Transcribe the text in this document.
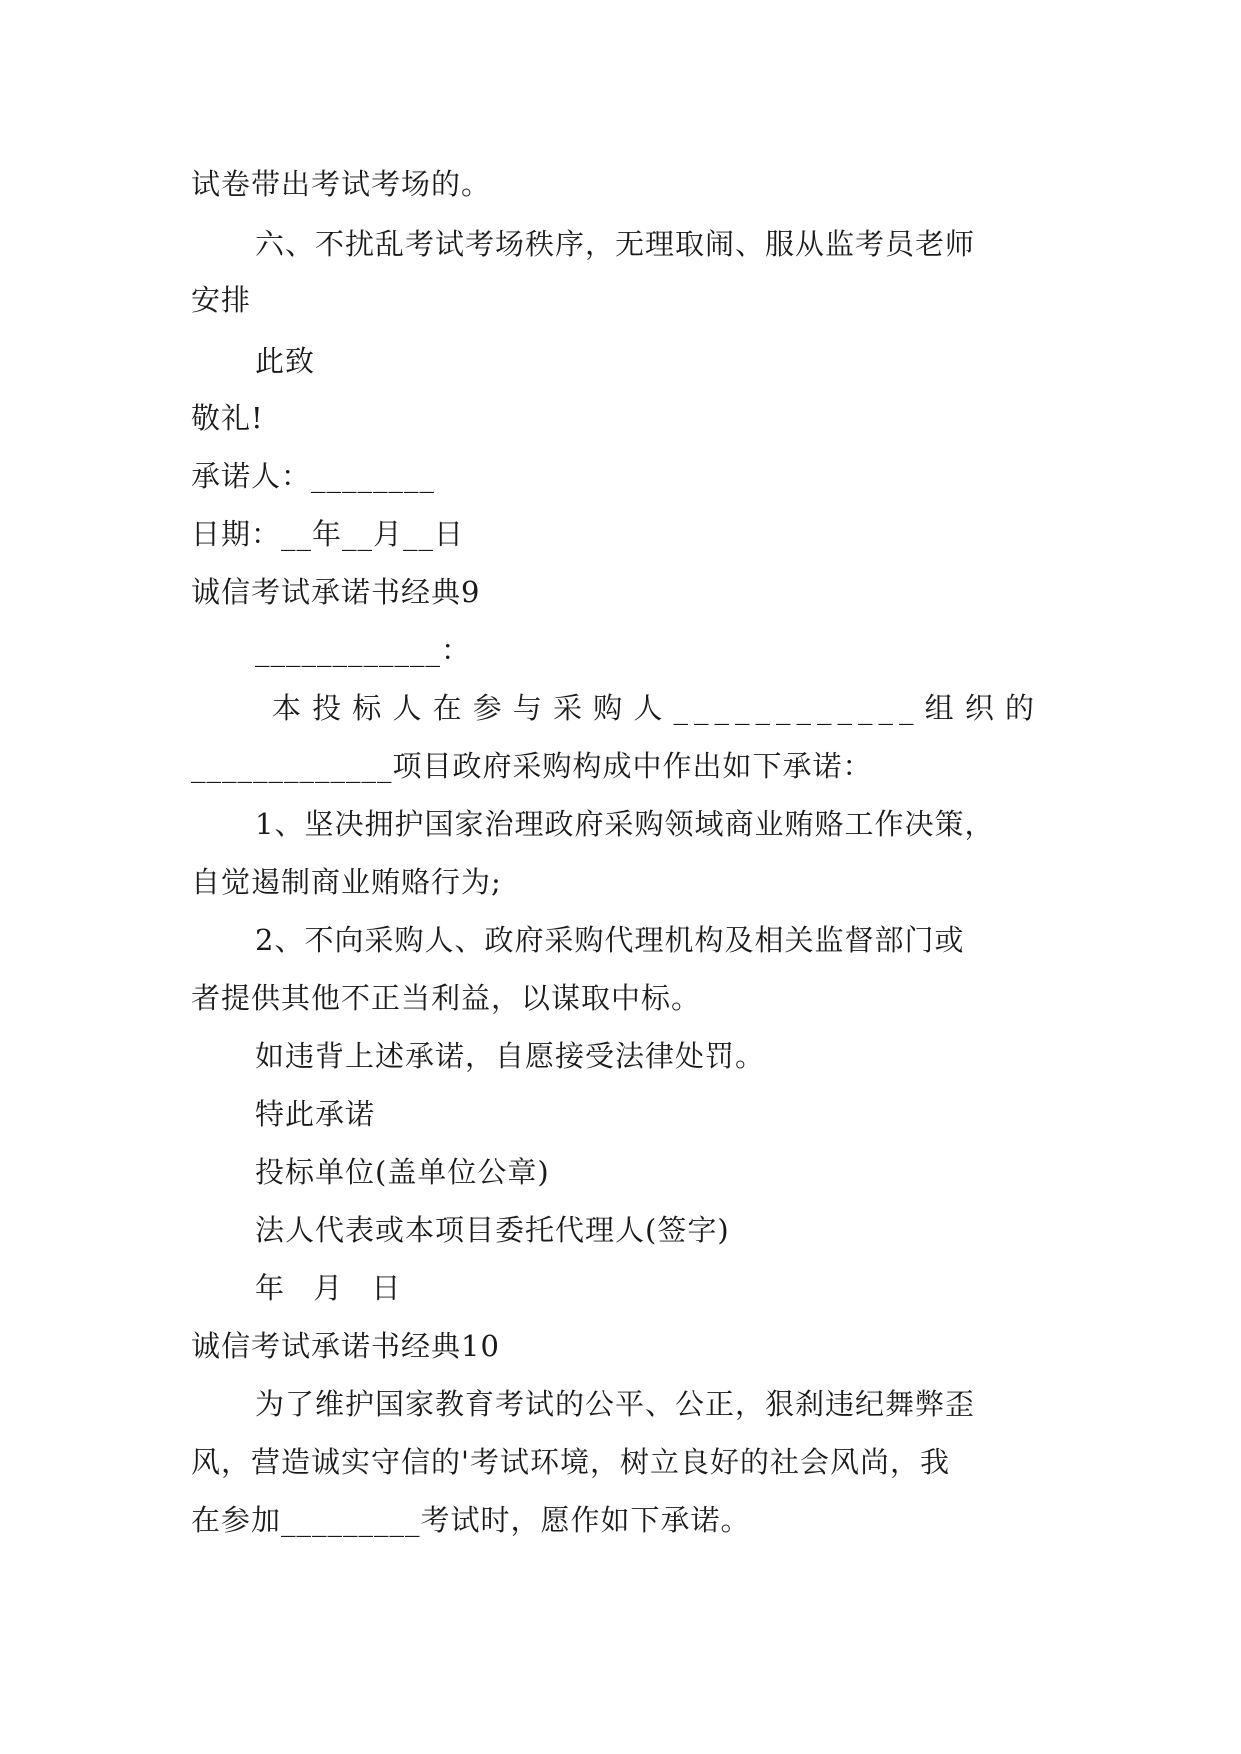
试卷带出考试考场的。
六、不扰乱考试考场秩序，无理取闹、服从监考员老师
安排
此致
敬礼!
承诺人：________
日期：__年__月__日
诚信考试承诺书经典9
____________：
本投标人在参与采购人____________组织的
_____________项目政府采购构成中作出如下承诺：
1、坚决拥护国家治理政府采购领域商业贿赂工作决策，
自觉遏制商业贿赂行为;
2、不向采购人、政府采购代理机构及相关监督部门或
者提供其他不正当利益，以谋取中标。
如违背上述承诺，自愿接受法律处罚。
特此承诺
投标单位(盖单位公章)
法人代表或本项目委托代理人(签字)
年 月 日
诚信考试承诺书经典10
为了维护国家教育考试的公平、公正，狠刹违纪舞弊歪
风，营造诚实守信的'考试环境，树立良好的社会风尚，我
在参加_________考试时，愿作如下承诺。
